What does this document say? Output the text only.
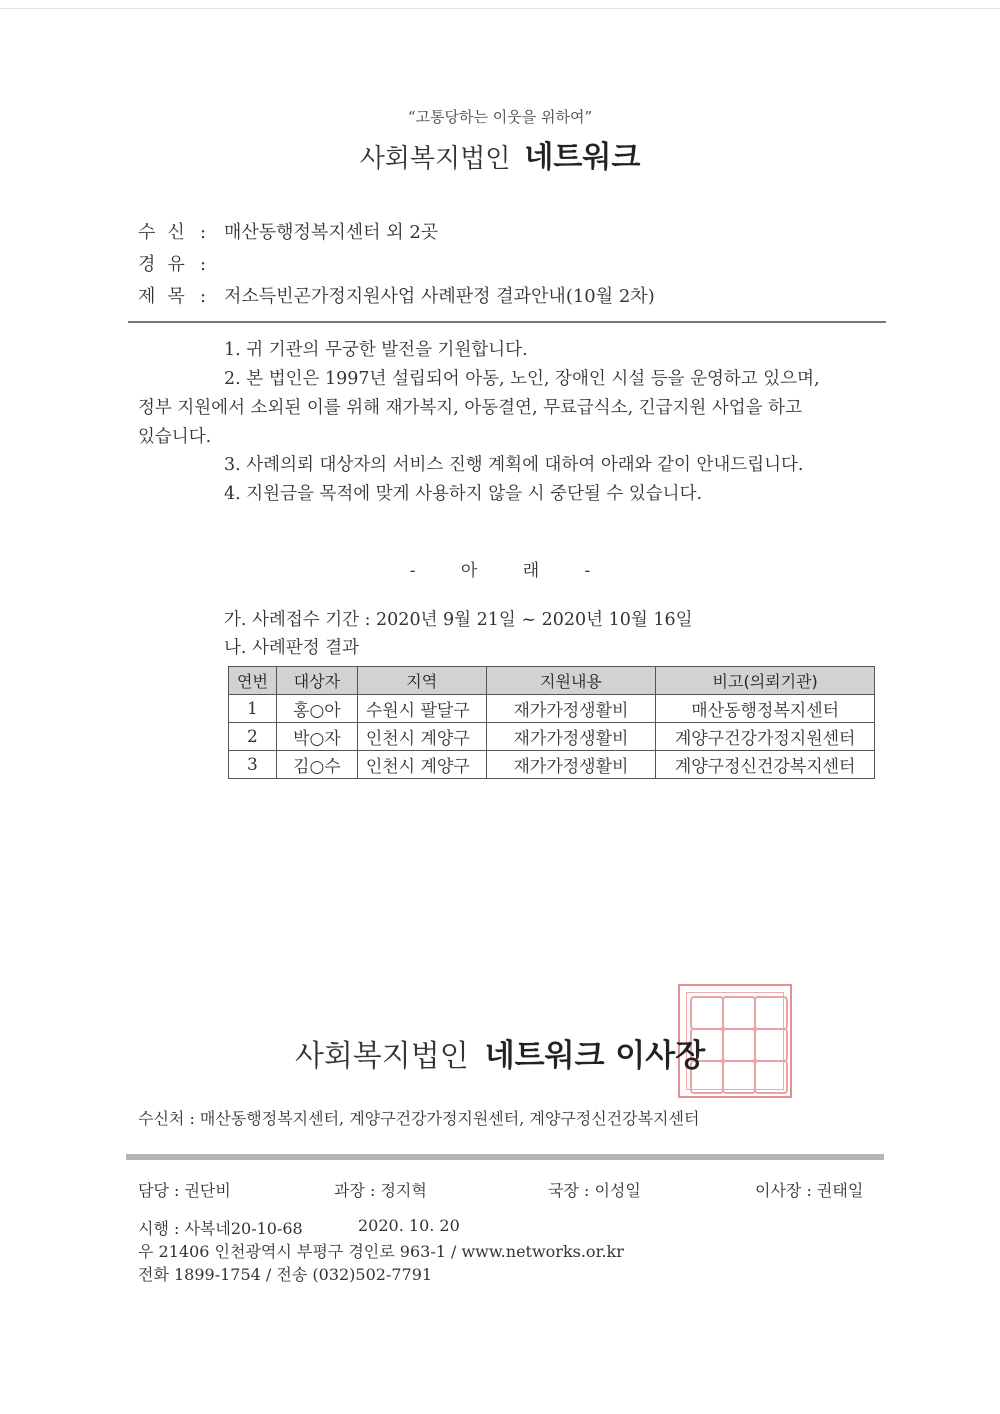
“고통당하는 이웃을 위하여”
사회복지법인 네트워크
수신 : 매산동행정복지센터 외 2곳
경유 :
제목 : 저소득빈곤가정지원사업 사례판정 결과안내(10월 2차)
1. 귀 기관의 무궁한 발전을 기원합니다.
2. 본 법인은 1997년 설립되어 아동, 노인, 장애인 시설 등을 운영하고 있으며,
정부 지원에서 소외된 이를 위해 재가복지, 아동결연, 무료급식소, 긴급지원 사업을 하고
있습니다.
3. 사례의뢰 대상자의 서비스 진행 계획에 대하여 아래와 같이 안내드립니다.
4. 지원금을 목적에 맞게 사용하지 않을 시 중단될 수 있습니다.
- 아 래 -
가. 사례접수 기간 : 2020년 9월 21일 ~ 2020년 10월 16일
나. 사례판정 결과
연번	대상자	지역	지원내용	비고(의뢰기관)
1	홍○아	수원시 팔달구	재가가정생활비	매산동행정복지센터
2	박○자	인천시 계양구	재가가정생활비	계양구건강가정지원센터
3	김○수	인천시 계양구	재가가정생활비	계양구정신건강복지센터
사회복지법인 네트워크 이사장
수신처 : 매산동행정복지센터, 계양구건강가정지원센터, 계양구정신건강복지센터
담당 : 권단비	과장 : 정지혁	국장 : 이성일	이사장 : 권태일
시행 : 사복네20-10-68	2020. 10. 20
우 21406 인천광역시 부평구 경인로 963-1 / www.networks.or.kr
전화 1899-1754 / 전송 (032)502-7791
